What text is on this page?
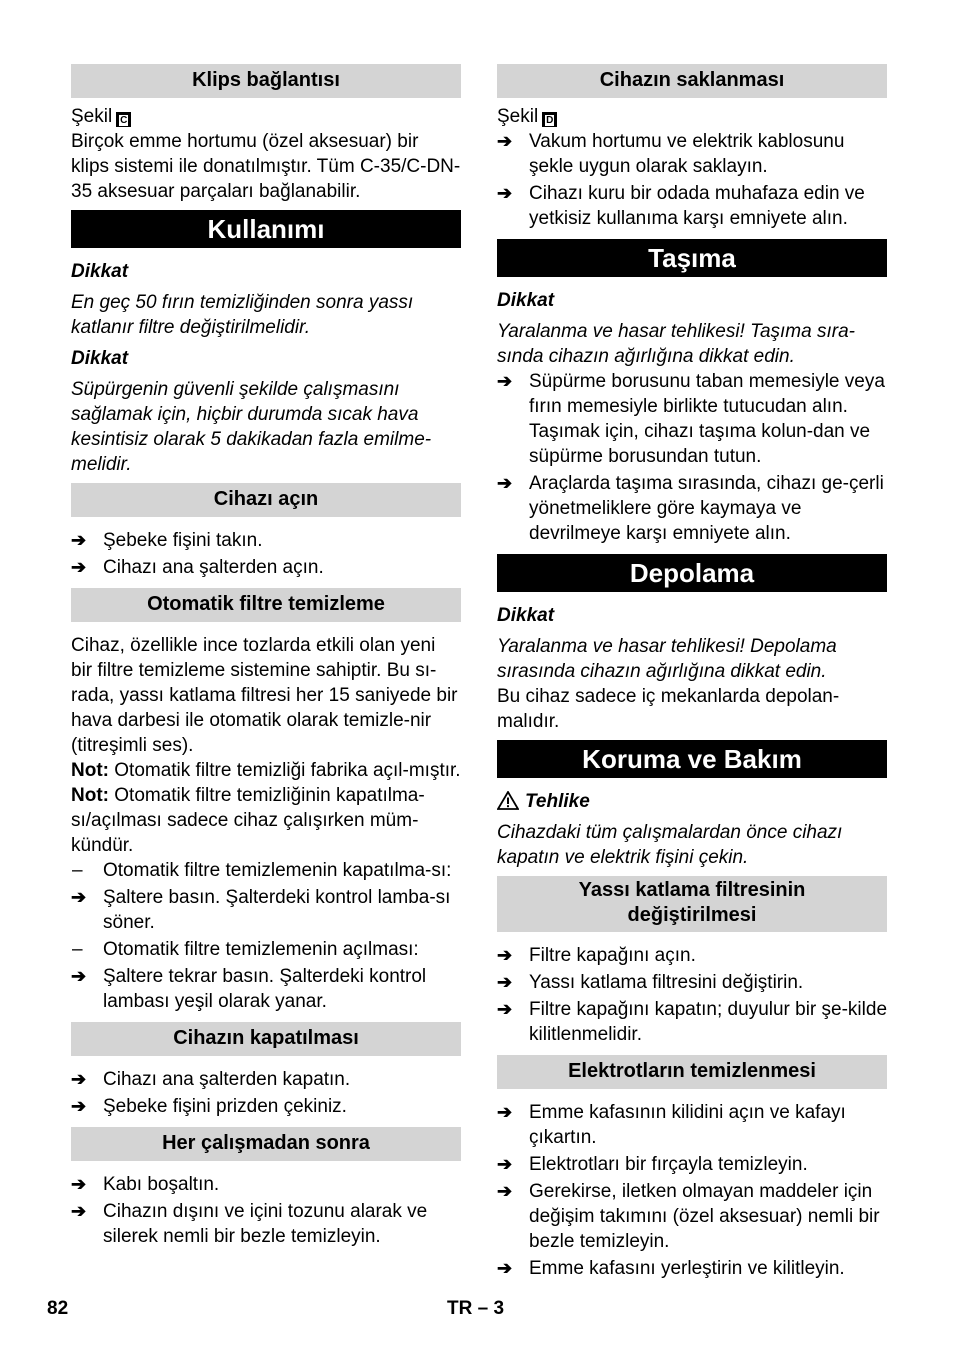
Klips bağlantısı

Şekil C

Birçok emme hortumu (özel aksesuar) bir klips sistemi ile donatılmıştır. Tüm C-35/C-DN-35 aksesuar parçaları bağlanabilir.

Kullanımı

Dikkat

En geç 50 fırın temizliğinden sonra yassı katlanır filtre değiştirilmelidir.

Dikkat

Süpürgenin güvenli şekilde çalışmasını sağlamak için, hiçbir durumda sıcak hava kesintisiz olarak 5 dakikadan fazla emilme-melidir.

Cihazı açın
➔ Şebeke fişini takın.
➔ Cihazı ana şalterden açın.
Otomatik filtre temizleme

Cihaz, özellikle ince tozlarda etkili olan yeni bir filtre temizleme sistemine sahiptir. Bu sı-rada, yassı katlama filtresi her 15 saniyede bir hava darbesi ile otomatik olarak temizle-nir (titreşimli ses).

Not: Otomatik filtre temizliği fabrika açıl-mıştır.

Not: Otomatik filtre temizliğinin kapatılma-sı/açılması sadece cihaz çalışırken müm-kündür.

–	Otomatik filtre temizlemenin kapatılma-sı:
➔ Şaltere basın. Şalterdeki kontrol lamba-sı söner.
–	Otomatik filtre temizlemenin açılması:
➔ Şaltere tekrar basın. Şalterdeki kontrol lambası yeşil olarak yanar.
Cihazın kapatılması
➔ Cihazı ana şalterden kapatın.
➔ Şebeke fişini prizden çekiniz.
Her çalışmadan sonra
➔ Kabı boşaltın.
➔ Cihazın dışını ve içini tozunu alarak ve silerek nemli bir bezle temizleyin.
Cihazın saklanması

Şekil D

➔ Vakum hortumu ve elektrik kablosunu şekle uygun olarak saklayın.
➔ Cihazı kuru bir odada muhafaza edin ve yetkisiz kullanıma karşı emniyete alın.
Taşıma

Dikkat

Yaralanma ve hasar tehlikesi! Taşıma sıra-sında cihazın ağırlığına dikkat edin.

➔ Süpürme borusunu taban memesiyle veya fırın memesiyle birlikte tutucudan alın. Taşımak için, cihazı taşıma kolun-dan ve süpürme borusundan tutun.
➔ Araçlarda taşıma sırasında, cihazı ge-çerli yönetmeliklere göre kaymaya ve devrilmeye karşı emniyete alın.
Depolama

Dikkat

Yaralanma ve hasar tehlikesi! Depolama sırasında cihazın ağırlığına dikkat edin.

Bu cihaz sadece iç mekanlarda depolan-malıdır.

Koruma ve Bakım

Tehlike

Cihazdaki tüm çalışmalardan önce cihazı kapatın ve elektrik fişini çekin.

Yassı katlama filtresinin değiştirilmesi
➔ Filtre kapağını açın.
➔ Yassı katlama filtresini değiştirin.
➔ Filtre kapağını kapatın; duyulur bir şe-kilde kilitlenmelidir.
Elektrotların temizlenmesi
➔ Emme kafasının kilidini açın ve kafayı çıkartın.
➔ Elektrotları bir fırçayla temizleyin.
➔ Gerekirse, iletken olmayan maddeler için değişim takımını (özel aksesuar) nemli bir bezle temizleyin.
➔ Emme kafasını yerleştirin ve kilitleyin.
82	TR – 3
